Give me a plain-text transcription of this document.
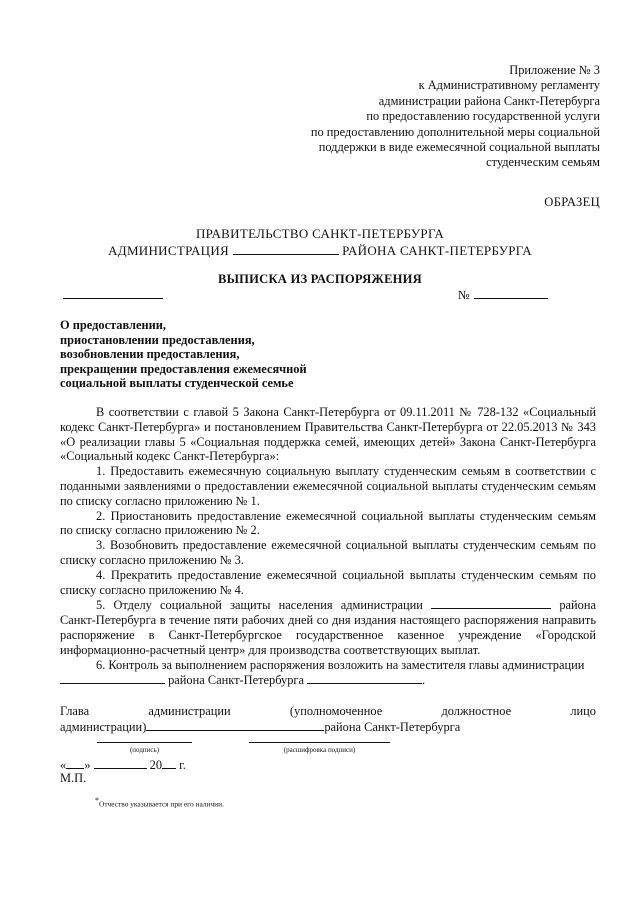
Приложение № 3
к Административному регламенту
администрации района Санкт-Петербурга
по предоставлению государственной услуги
по предоставлению дополнительной меры социальной
поддержки в виде ежемесячной социальной выплаты
студенческим семьям
ОБРАЗЕЦ
ПРАВИТЕЛЬСТВО САНКТ-ПЕТЕРБУРГА
АДМИНИСТРАЦИЯ	РАЙОНА САНКТ-ПЕТЕРБУРГА
ВЫПИСКА ИЗ РАСПОРЯЖЕНИЯ
№
О предоставлении,
приостановлении предоставления,
возобновлении предоставления,
прекращении предоставления ежемесячной
социальной выплаты студенческой семье

В соответствии с главой 5 Закона Санкт-Петербурга от 09.11.2011 № 728-132 «Социальный кодекс Санкт-Петербурга» и постановлением Правительства Санкт-Петербурга от 22.05.2013 № 343 «О реализации главы 5 «Социальная поддержка семей, имеющих детей» Закона Санкт-Петербурга «Социальный кодекс Санкт-Петербурга»:

1. Предоставить ежемесячную социальную выплату студенческим семьям в соответствии с поданными заявлениями о предоставлении ежемесячной социальной выплаты студенческим семьям по списку согласно приложению № 1.

2. Приостановить предоставление ежемесячной социальной выплаты студенческим семьям по списку согласно приложению № 2.

3. Возобновить предоставление ежемесячной социальной выплаты студенческим семьям по списку согласно приложению № 3.

4. Прекратить предоставление ежемесячной социальной выплаты студенческим семьям по списку согласно приложению № 4.

5. Отделу социальной защиты населения администрации	района Санкт-Петербурга в течение пяти рабочих дней со дня издания настоящего распоряжения направить распоряжение в Санкт-Петербургское государственное казенное учреждение «Городской информационно-расчетный центр» для производства соответствующих выплат.

6. Контроль за выполнением распоряжения возложить на заместителя главы администрации  района Санкт-Петербурга	.

Глава	администрации	(уполномоченное	должностное	лицо
администрации)	района Санкт-Петербурга
(подпись)	(расшифровка подписи)
« »	20 г.
М.П.
*Отчество указывается при его наличии.
